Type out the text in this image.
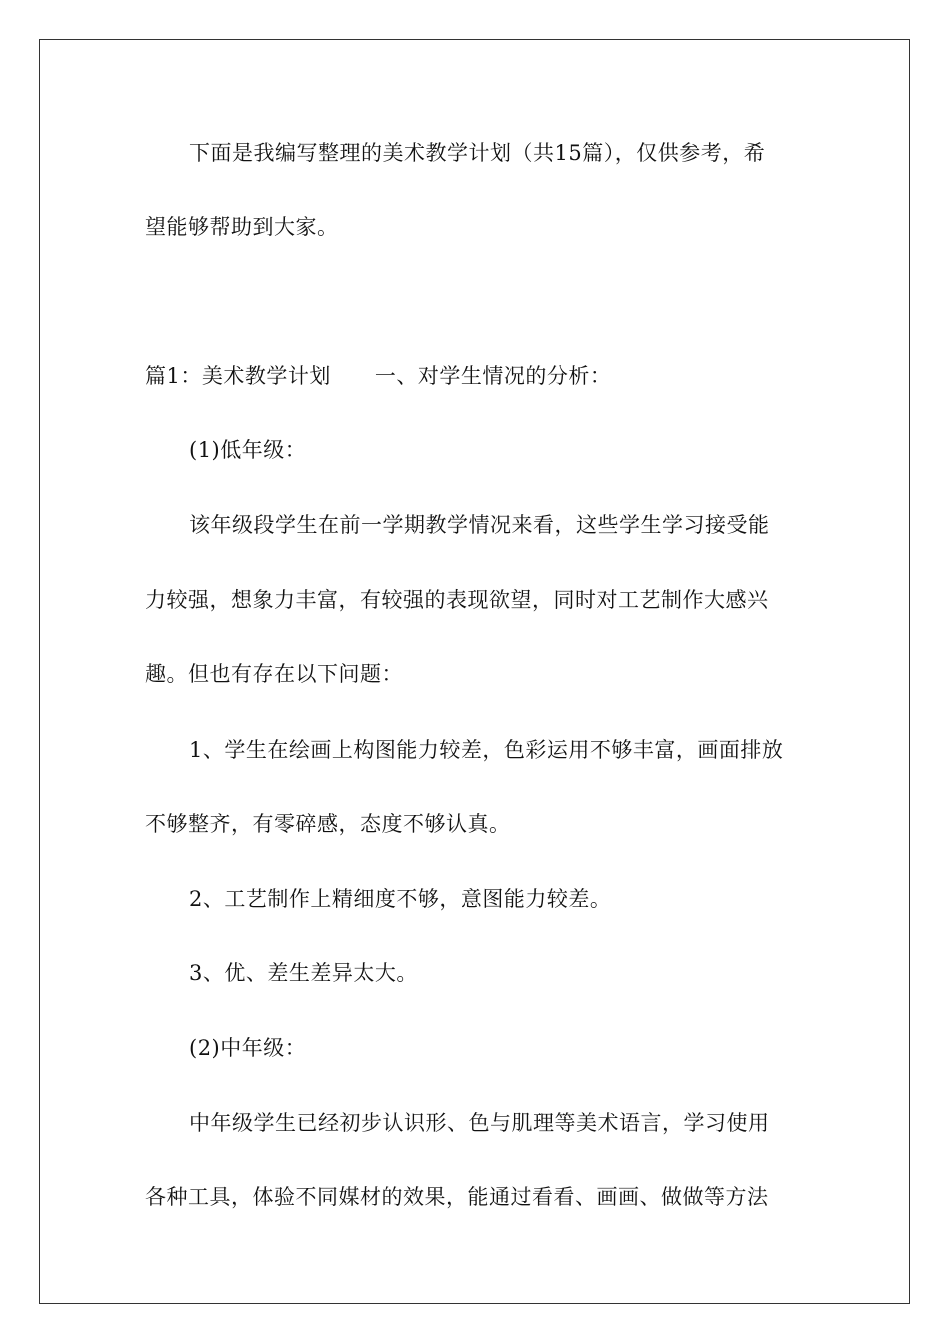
下面是我编写整理的美术教学计划（共15篇），仅供参考，希
望能够帮助到大家。
篇1：美术教学计划 一、对学生情况的分析：
(1)低年级：
该年级段学生在前一学期教学情况来看，这些学生学习接受能
力较强，想象力丰富，有较强的表现欲望，同时对工艺制作大感兴
趣。但也有存在以下问题：
1、学生在绘画上构图能力较差，色彩运用不够丰富，画面排放
不够整齐，有零碎感，态度不够认真。
2、工艺制作上精细度不够，意图能力较差。
3、优、差生差异太大。
(2)中年级：
中年级学生已经初步认识形、色与肌理等美术语言，学习使用
各种工具，体验不同媒材的效果，能通过看看、画画、做做等方法
